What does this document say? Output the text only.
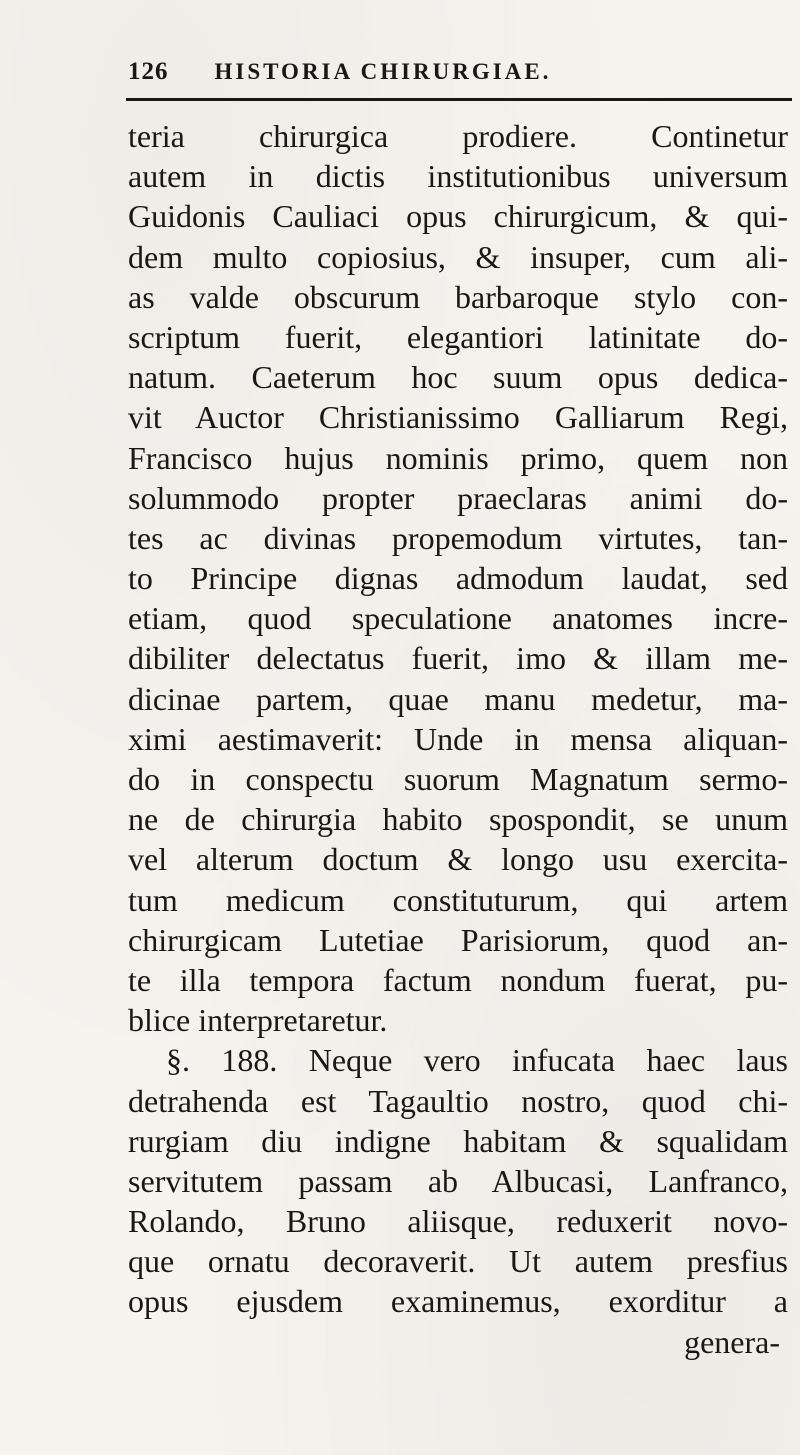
126 HISTORIA CHIRURGIAE.
teria chirurgica prodiere. Continetur
autem in dictis institutionibus universum
Guidonis Cauliaci opus chirurgicum, & qui-
dem multo copiosius, & insuper, cum ali-
as valde obscurum barbaroque stylo con-
scriptum fuerit, elegantiori latinitate do-
natum. Caeterum hoc suum opus dedica-
vit Auctor Christianissimo Galliarum Regi,
Francisco hujus nominis primo, quem non
solummodo propter praeclaras animi do-
tes ac divinas propemodum virtutes, tan-
to Principe dignas admodum laudat, sed
etiam, quod speculatione anatomes incre-
dibiliter delectatus fuerit, imo & illam me-
dicinae partem, quae manu medetur, ma-
ximi aestimaverit: Unde in mensa aliquan-
do in conspectu suorum Magnatum sermo-
ne de chirurgia habito spospondit, se unum
vel alterum doctum & longo usu exercita-
tum medicum constituturum, qui artem
chirurgicam Lutetiae Parisiorum, quod an-
te illa tempora factum nondum fuerat, pu-
blice interpretaretur.
§. 188. Neque vero infucata haec laus
detrahenda est Tagaultio nostro, quod chi-
rurgiam diu indigne habitam & squalidam
servitutem passam ab Albucasi, Lanfranco,
Rolando, Bruno aliisque, reduxerit novo-
que ornatu decoraverit. Ut autem presfius
opus ejusdem examinemus, exorditur a
genera-
